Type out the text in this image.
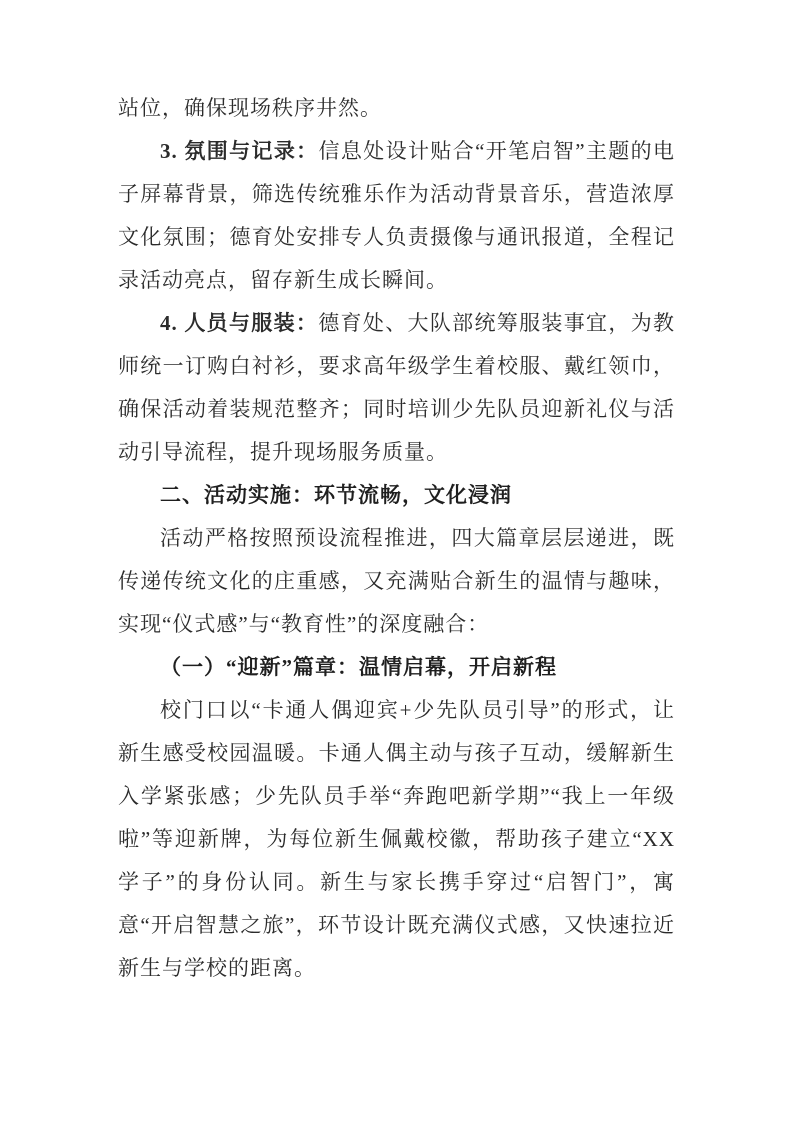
站位，确保现场秩序井然。

3. 氛围与记录：信息处设计贴合“开笔启智”主题的电子屏幕背景，筛选传统雅乐作为活动背景音乐，营造浓厚文化氛围；德育处安排专人负责摄像与通讯报道，全程记录活动亮点，留存新生成长瞬间。

4. 人员与服装：德育处、大队部统筹服装事宜，为教师统一订购白衬衫，要求高年级学生着校服、戴红领巾，确保活动着装规范整齐；同时培训少先队员迎新礼仪与活动引导流程，提升现场服务质量。

二、活动实施：环节流畅，文化浸润

活动严格按照预设流程推进，四大篇章层层递进，既传递传统文化的庄重感，又充满贴合新生的温情与趣味，实现“仪式感”与“教育性”的深度融合：

（一）“迎新”篇章：温情启幕，开启新程

校门口以“卡通人偶迎宾+少先队员引导”的形式，让新生感受校园温暖。卡通人偶主动与孩子互动，缓解新生入学紧张感；少先队员手举“奔跑吧新学期”“我上一年级啦”等迎新牌，为每位新生佩戴校徽，帮助孩子建立“XX 学子”的身份认同。新生与家长携手穿过“启智门”，寓意“开启智慧之旅”，环节设计既充满仪式感，又快速拉近新生与学校的距离。
